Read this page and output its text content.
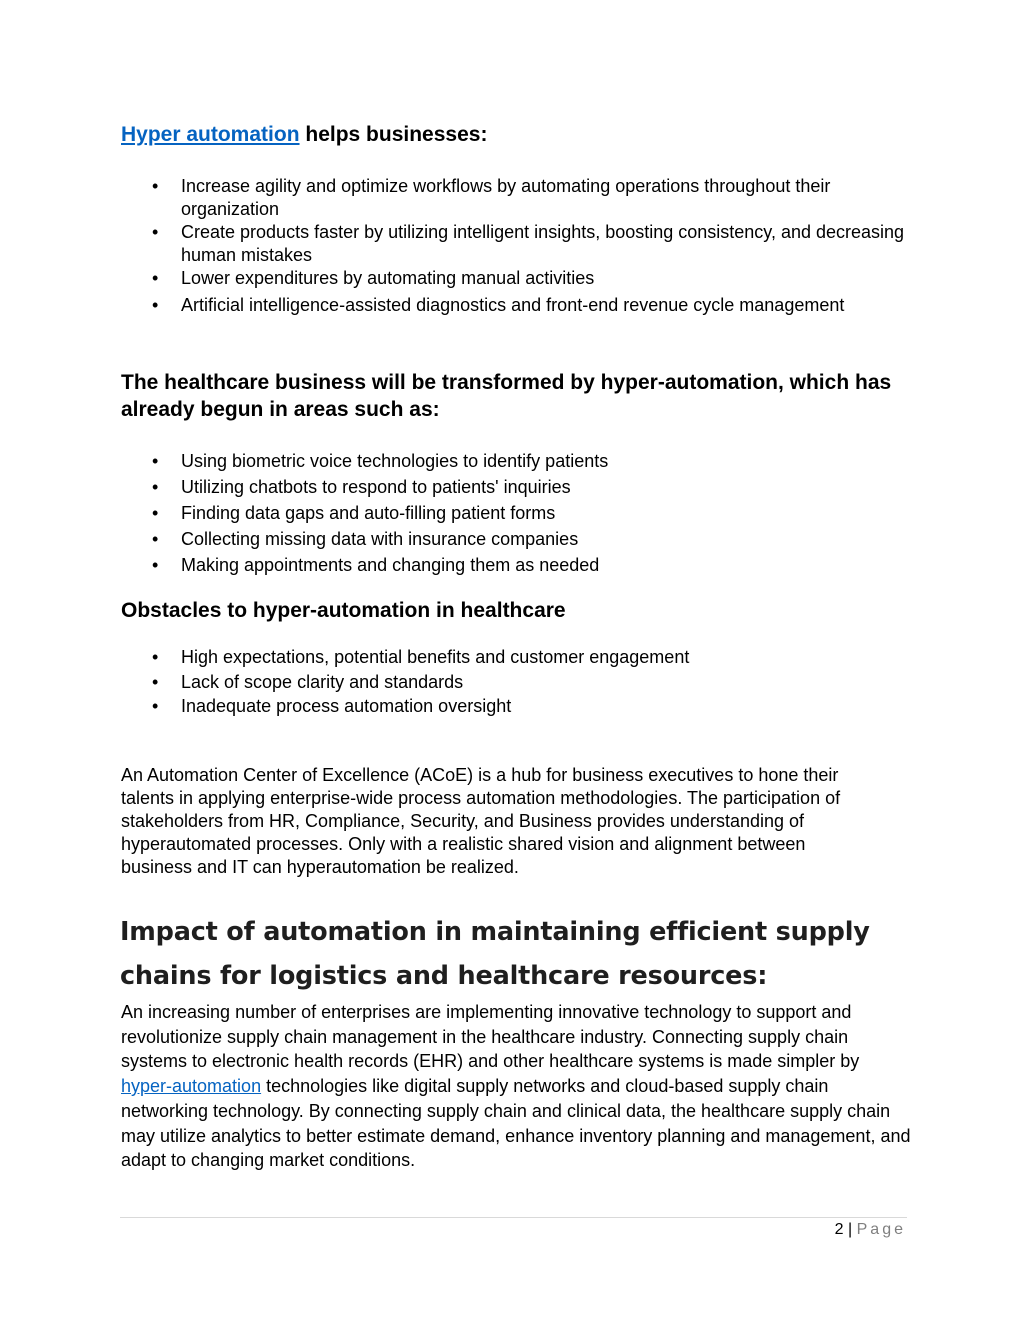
Hyper automation helps businesses:
• Increase agility and optimize workflows by automating operations throughout their organization
• Create products faster by utilizing intelligent insights, boosting consistency, and decreasing human mistakes
• Lower expenditures by automating manual activities
• Artificial intelligence-assisted diagnostics and front-end revenue cycle management
The healthcare business will be transformed by hyper-automation, which has already begun in areas such as:
• Using biometric voice technologies to identify patients
• Utilizing chatbots to respond to patients' inquiries
• Finding data gaps and auto-filling patient forms
• Collecting missing data with insurance companies
• Making appointments and changing them as needed
Obstacles to hyper-automation in healthcare
• High expectations, potential benefits and customer engagement
• Lack of scope clarity and standards
• Inadequate process automation oversight

An Automation Center of Excellence (ACoE) is a hub for business executives to hone their talents in applying enterprise-wide process automation methodologies. The participation of stakeholders from HR, Compliance, Security, and Business provides understanding of hyperautomated processes. Only with a realistic shared vision and alignment between business and IT can hyperautomation be realized.

Impact of automation in maintaining efficient supply chains for logistics and healthcare resources:

An increasing number of enterprises are implementing innovative technology to support and revolutionize supply chain management in the healthcare industry. Connecting supply chain systems to electronic health records (EHR) and other healthcare systems is made simpler by hyper-automation technologies like digital supply networks and cloud-based supply chain networking technology. By connecting supply chain and clinical data, the healthcare supply chain may utilize analytics to better estimate demand, enhance inventory planning and management, and adapt to changing market conditions.

2 | Page
